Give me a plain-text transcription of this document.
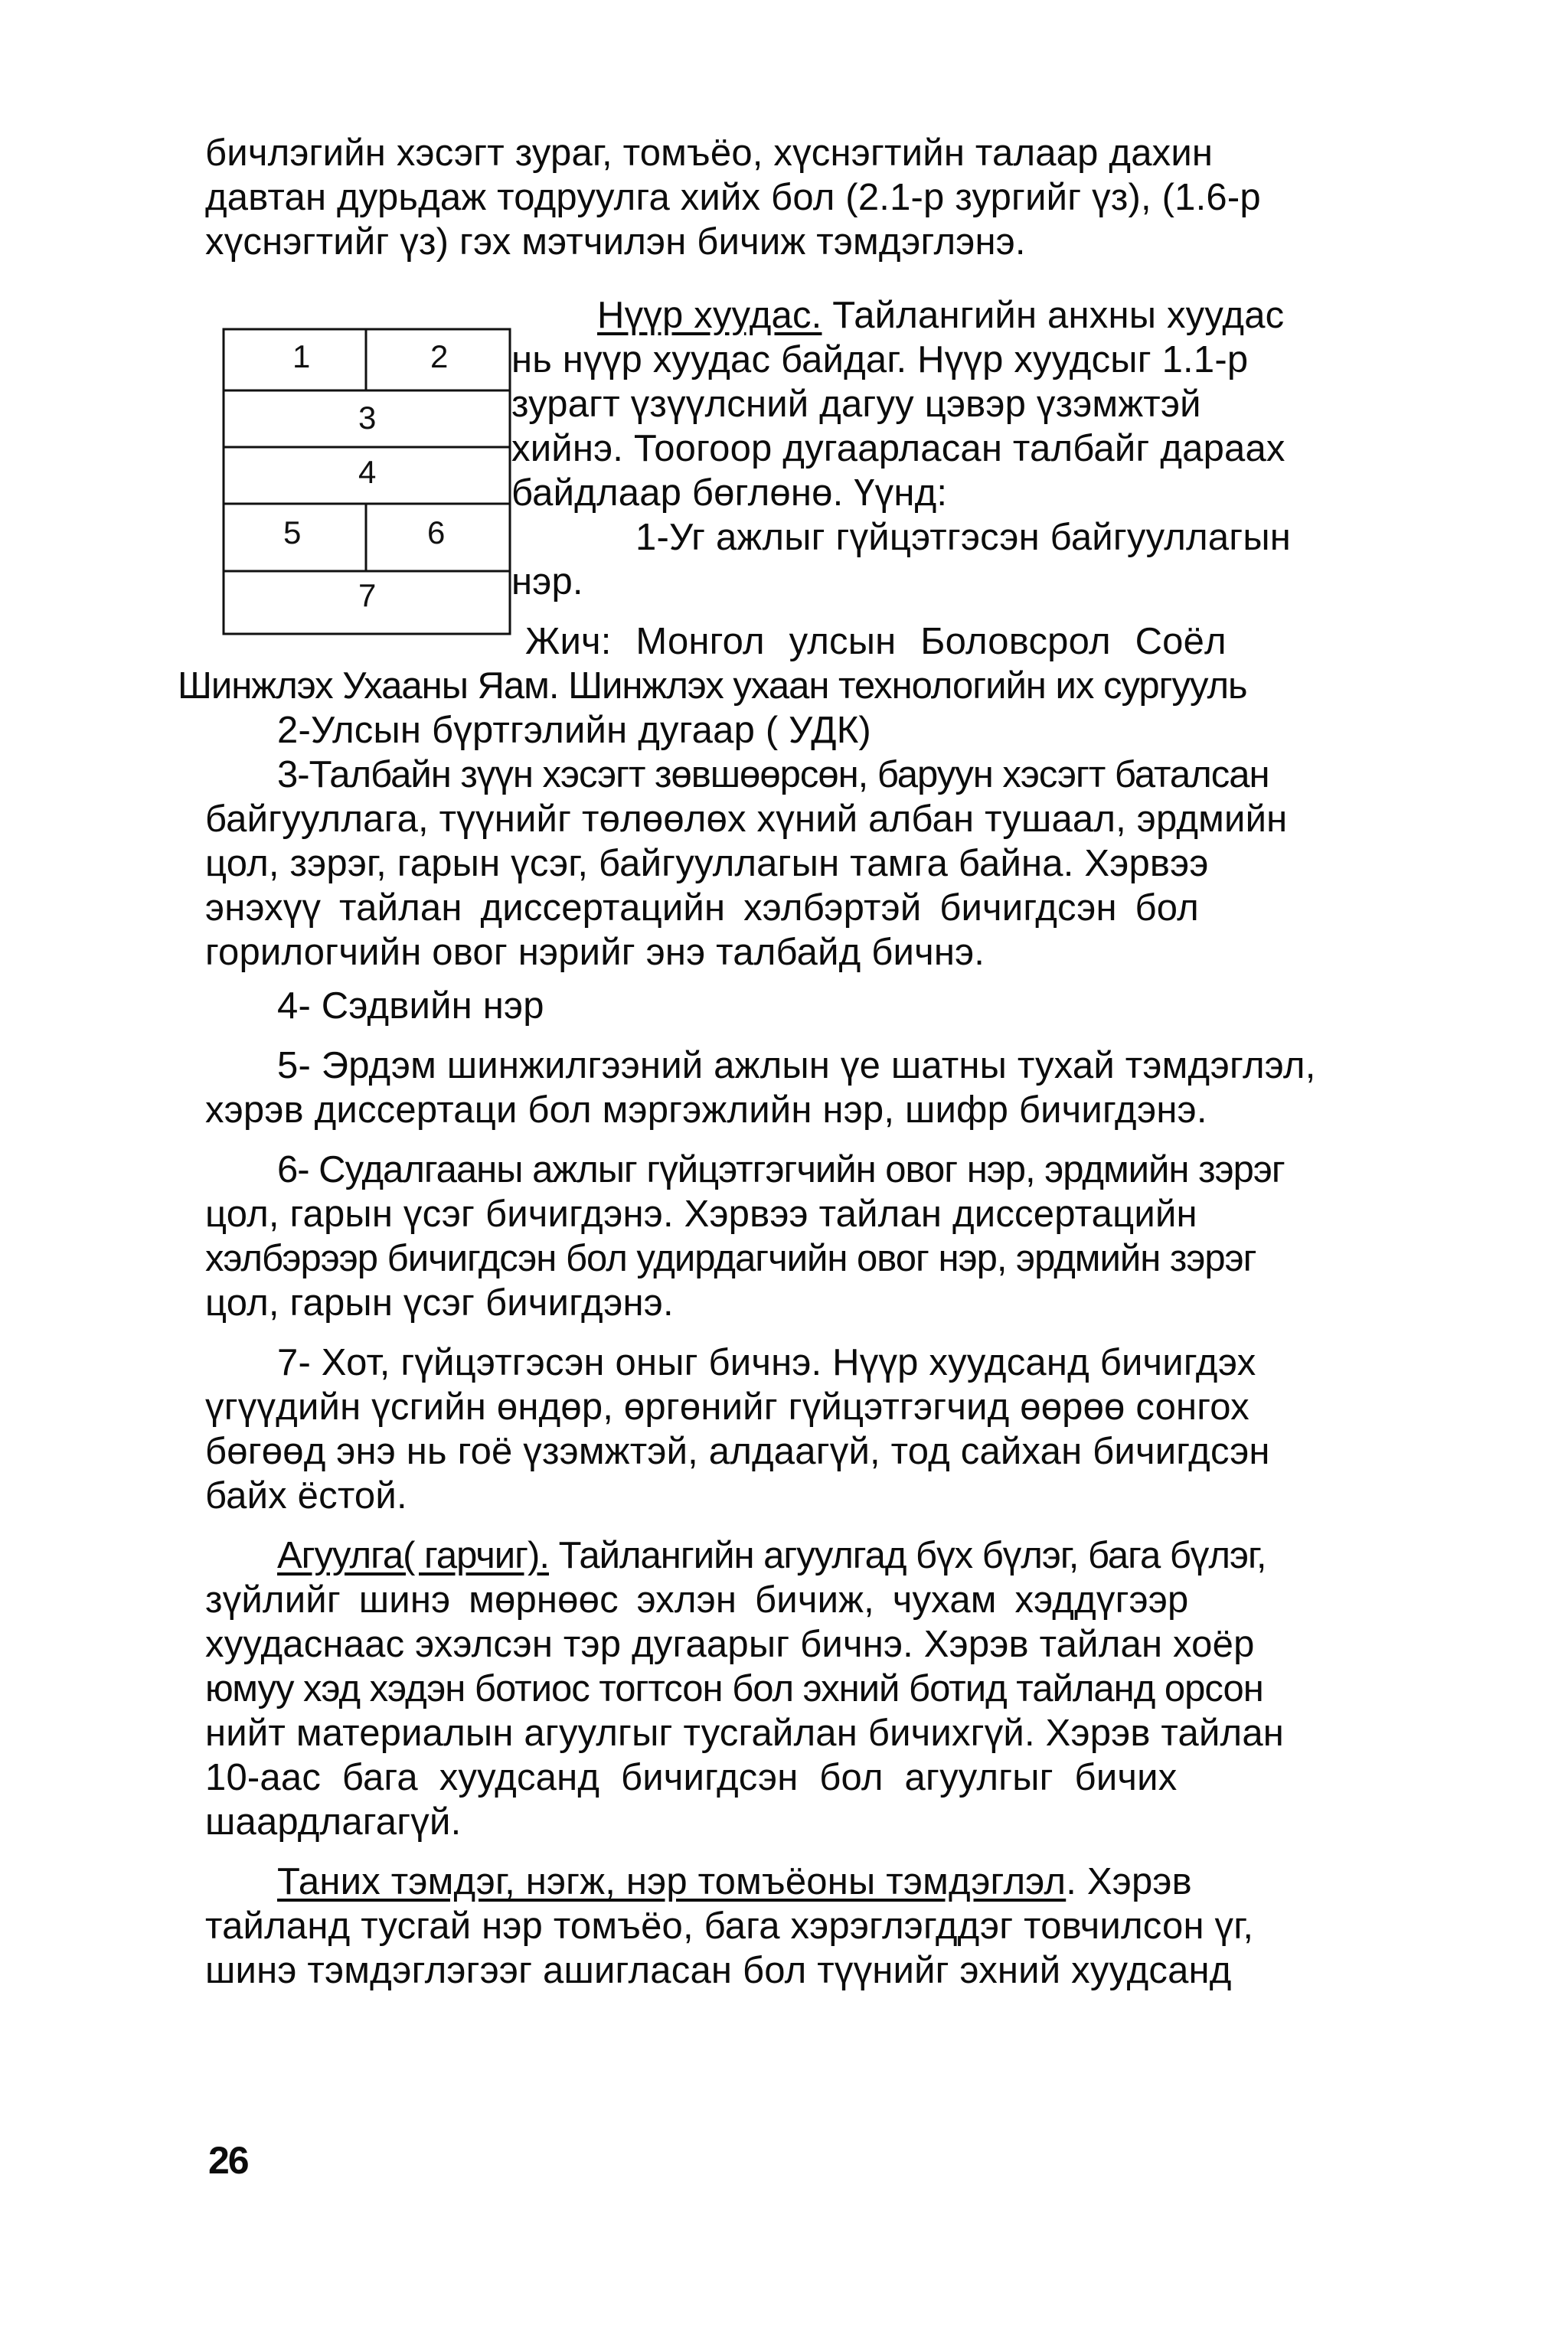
бичлэгийн хэсэгт зураг, томъёо, хүснэгтийн талаар дахин
давтан дурьдаж тодруулга хийх бол (2.1-р зургийг үз), (1.6-р
хүснэгтийг үз) гэх мэтчилэн бичиж тэмдэглэнэ.
1	2
3
4
5	6
7
Нүүр хуудас. Тайлангийн анхны хуудас
нь нүүр хуудас байдаг. Нүүр хуудсыг 1.1-р
зурагт үзүүлсний дагуу цэвэр үзэмжтэй
хийнэ. Тоогоор дугаарласан талбайг дараах
байдлаар бөглөнө. Үүнд:
1-Уг ажлыг гүйцэтгэсэн байгууллагын
нэр.
Жич: Монгол улсын Боловсрол Соёл
Шинжлэх Ухааны Яам. Шинжлэх ухаан технологийн их сургууль
2-Улсын бүртгэлийн дугаар ( УДК)
3-Талбайн зүүн хэсэгт зөвшөөрсөн, баруун хэсэгт баталсан
байгууллага, түүнийг төлөөлөх хүний албан тушаал, эрдмийн
цол, зэрэг, гарын үсэг, байгууллагын тамга байна. Хэрвээ
энэхүү тайлан диссертацийн хэлбэртэй бичигдсэн бол
горилогчийн овог нэрийг энэ талбайд бичнэ.
4- Сэдвийн нэр
5- Эрдэм шинжилгээний ажлын үе шатны тухай тэмдэглэл,
хэрэв диссертаци бол мэргэжлийн нэр, шифр бичигдэнэ.
6- Судалгааны ажлыг гүйцэтгэгчийн овог нэр, эрдмийн зэрэг
цол, гарын үсэг бичигдэнэ. Хэрвээ тайлан диссертацийн
хэлбэрээр бичигдсэн бол удирдагчийн овог нэр, эрдмийн зэрэг
цол, гарын үсэг бичигдэнэ.
7- Хот, гүйцэтгэсэн оныг бичнэ. Нүүр хуудсанд бичигдэх
үгүүдийн үсгийн өндөр, өргөнийг гүйцэтгэгчид өөрөө сонгох
бөгөөд энэ нь гоё үзэмжтэй, алдаагүй, тод сайхан бичигдсэн
байх ёстой.
Агуулга( гарчиг). Тайлангийн агуулгад бүх бүлэг, бага бүлэг,
зүйлийг шинэ мөрнөөс эхлэн бичиж, чухам хэддүгээр
хуудаснаас эхэлсэн тэр дугаарыг бичнэ. Хэрэв тайлан хоёр
юмуу хэд хэдэн ботиос тогтсон бол эхний ботид тайланд орсон
нийт материалын агуулгыг тусгайлан бичихгүй. Хэрэв тайлан
10-аас бага хуудсанд бичигдсэн бол агуулгыг бичих
шаардлагагүй.
Таних тэмдэг, нэгж, нэр томъёоны тэмдэглэл. Хэрэв
тайланд тусгай нэр томъёо, бага хэрэглэгддэг товчилсон үг,
шинэ тэмдэглэгээг ашигласан бол түүнийг эхний хуудсанд
26
